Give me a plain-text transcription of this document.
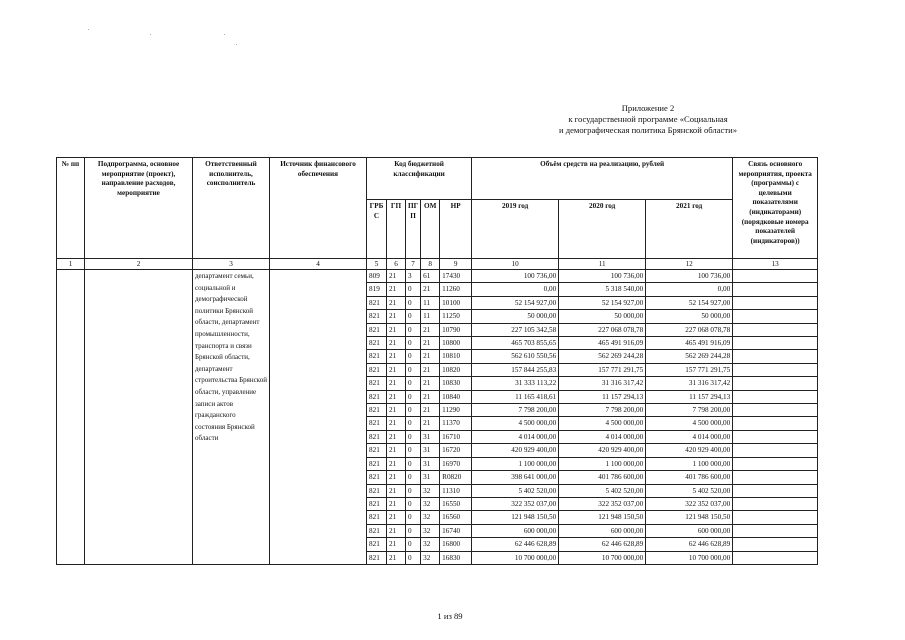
Приложение 2
к государственной программе «Социальная
и демографическая политика Брянской области»
№ пп	Подпрограмма, основное мероприятие (проект), направление расходов, мероприятие	Ответственный исполнитель, соисполнитель	Источник финансового обеспечения	Код бюджетной классификации					Объём средств на реализацию, рублей			Связь основного мероприятия, проекта (программы) с целевыми показателями (индикаторами) (порядковые номера показателей (индикаторов))
				ГРБ С	ГП	ПГ П	ОМ	НР	2019 год	2020 год	2021 год	
1	2	3	4	5	6	7	8	9	10	11	12	13
		департамент семьи, социальной и демографической политики Брянской области, департамент промышленности, транспорта и связи Брянской области, департамент строительства Брянской области, управление записи актов гражданского состояния Брянской области		809	21	3	61	17430	100 736,00	100 736,00	100 736,00	
				819	21	0	21	11260	0,00	5 318 540,00	0,00	
				821	21	0	11	10100	52 154 927,00	52 154 927,00	52 154 927,00	
				821	21	0	11	11250	50 000,00	50 000,00	50 000,00	
				821	21	0	21	10790	227 105 342,58	227 068 078,78	227 068 078,78	
				821	21	0	21	10800	465 703 855,65	465 491 916,09	465 491 916,09	
				821	21	0	21	10810	562 610 550,56	562 269 244,28	562 269 244,28	
				821	21	0	21	10820	157 844 255,83	157 771 291,75	157 771 291,75	
				821	21	0	21	10830	31 333 113,22	31 316 317,42	31 316 317,42	
				821	21	0	21	10840	11 165 418,61	11 157 294,13	11 157 294,13	
				821	21	0	21	11290	7 798 200,00	7 798 200,00	7 798 200,00	
				821	21	0	21	11370	4 500 000,00	4 500 000,00	4 500 000,00	
				821	21	0	31	16710	4 014 000,00	4 014 000,00	4 014 000,00	
				821	21	0	31	16720	420 929 400,00	420 929 400,00	420 929 400,00	
				821	21	0	31	16970	1 100 000,00	1 100 000,00	1 100 000,00	
				821	21	0	31	R0820	398 641 000,00	401 786 600,00	401 786 600,00	
				821	21	0	32	11310	5 402 520,00	5 402 520,00	5 402 520,00	
				821	21	0	32	16550	322 352 037,00	322 352 037,00	322 352 037,00	
				821	21	0	32	16560	121 948 150,50	121 948 150,50	121 948 150,50	
				821	21	0	32	16740	600 000,00	600 000,00	600 000,00	
				821	21	0	32	16800	62 446 628,89	62 446 628,89	62 446 628,89	
				821	21	0	32	16830	10 700 000,00	10 700 000,00	10 700 000,00	
1 из 89
